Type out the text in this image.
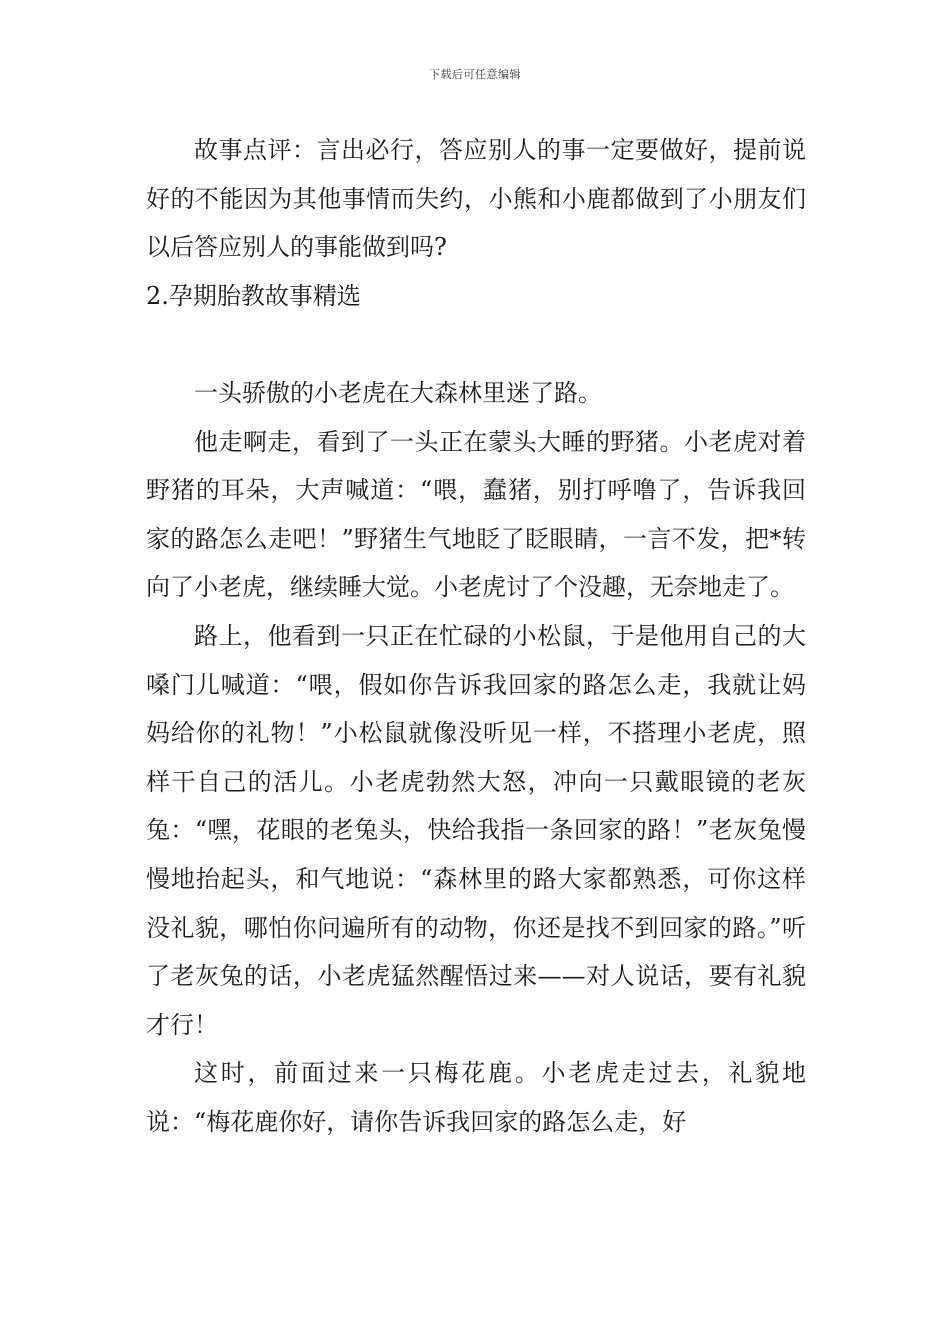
下载后可任意编辑

故事点评：言出必行，答应别人的事一定要做好，提前说好的不能因为其他事情而失约，小熊和小鹿都做到了小朋友们以后答应别人的事能做到吗?

2.孕期胎教故事精选

一头骄傲的小老虎在大森林里迷了路。

他走啊走，看到了一头正在蒙头大睡的野猪。小老虎对着野猪的耳朵，大声喊道：“喂，蠢猪，别打呼噜了，告诉我回家的路怎么走吧！”野猪生气地眨了眨眼睛，一言不发，把*转向了小老虎，继续睡大觉。小老虎讨了个没趣，无奈地走了。

路上，他看到一只正在忙碌的小松鼠，于是他用自己的大嗓门儿喊道：“喂，假如你告诉我回家的路怎么走，我就让妈妈给你的礼物！”小松鼠就像没听见一样，不搭理小老虎，照样干自己的活儿。小老虎勃然大怒，冲向一只戴眼镜的老灰兔：“嘿，花眼的老兔头，快给我指一条回家的路！”老灰兔慢慢地抬起头，和气地说：“森林里的路大家都熟悉，可你这样没礼貌，哪怕你问遍所有的动物，你还是找不到回家的路。”听了老灰兔的话，小老虎猛然醒悟过来——对人说话，要有礼貌才行！

这时，前面过来一只梅花鹿。小老虎走过去，礼貌地说：“梅花鹿你好，请你告诉我回家的路怎么走，好
